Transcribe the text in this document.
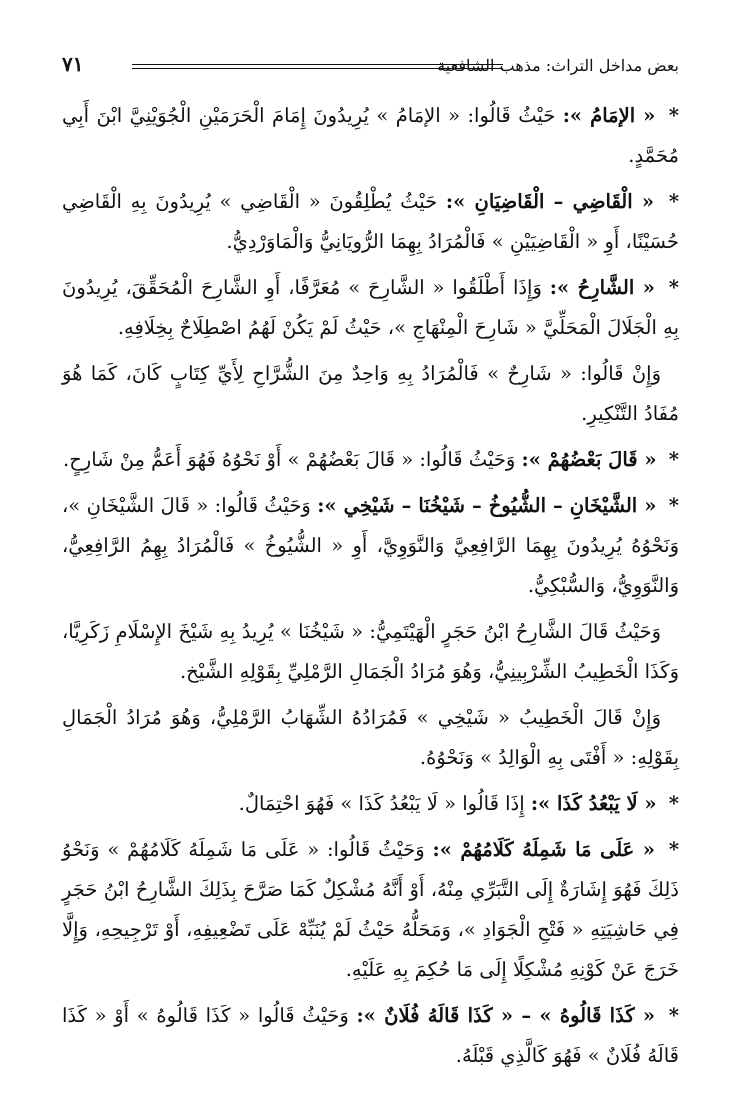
بعض مداخل التراث: مذهب الشافعية
٧١

* « الإمَامُ »: حَيْثُ قَالُوا: « الإمَامُ » يُرِيدُونَ إِمَامَ الْحَرَمَيْنِ الْجُوَيْنِيَّ ابْنَ أَبِي مُحَمَّدٍ.

* « الْقَاضِي – الْقَاضِيَانِ »: حَيْثُ يُطْلِقُونَ « الْقَاضِي » يُرِيدُونَ بِهِ الْقَاضِي حُسَيْنًا، أَوِ « الْقَاضِيَيْنِ » فَالْمُرَادُ بِهِمَا الرُّويَانِيُّ وَالْمَاوَرْدِيُّ.

* « الشَّارِحُ »: وَإِذَا أَطْلَقُوا « الشَّارِحَ » مُعَرَّفًا، أَوِ الشَّارِحَ الْمُحَقِّقَ، يُرِيدُونَ بِهِ الْجَلَالَ الْمَحَلِّيَّ « شَارِحَ الْمِنْهَاجِ »، حَيْثُ لَمْ يَكُنْ لَهُمُ اصْطِلَاحٌ بِخِلَافِهِ.

وَإِنْ قَالُوا: « شَارِحٌ » فَالْمُرَادُ بِهِ وَاحِدٌ مِنَ الشُّرَّاحِ لِأَيِّ كِتَابٍ كَانَ، كَمَا هُوَ مُفَادُ التَّنْكِيرِ.

* « قَالَ بَعْضُهُمْ »: وَحَيْثُ قَالُوا: « قَالَ بَعْضُهُمْ » أَوْ نَحْوُهُ فَهُوَ أَعَمُّ مِنْ شَارِحٍ.

* « الشَّيْخَانِ – الشُّيُوخُ – شَيْخُنَا – شَيْخِي »: وَحَيْثُ قَالُوا: « قَالَ الشَّيْخَانِ »، وَنَحْوُهُ يُرِيدُونَ بِهِمَا الرَّافِعِيَّ وَالنَّوَوِيَّ، أَوِ « الشُّيُوخُ » فَالْمُرَادُ بِهِمُ الرَّافِعِيُّ، وَالنَّوَوِيُّ، وَالسُّبْكِيُّ.

وَحَيْثُ قَالَ الشَّارِحُ ابْنُ حَجَرٍ الْهَيْتَمِيُّ: « شَيْخُنَا » يُرِيدُ بِهِ شَيْخَ الإِسْلَامِ زَكَرِيَّا، وَكَذَا الْخَطِيبُ الشِّرْبِينِيُّ، وَهُوَ مُرَادُ الْجَمَالِ الرَّمْلِيِّ بِقَوْلِهِ الشَّيْخ.

وَإِنْ قَالَ الْخَطِيبُ « شَيْخِي » فَمُرَادُهُ الشِّهَابُ الرَّمْلِيُّ، وَهُوَ مُرَادُ الْجَمَالِ بِقَوْلِهِ: « أَفْتَى بِهِ الْوَالِدُ » وَنَحْوُهُ.

* « لَا يَبْعُدُ كَذَا »: إِذَا قَالُوا « لَا يَبْعُدُ كَذَا » فَهُوَ احْتِمَالٌ.

* « عَلَى مَا شَمِلَهُ كَلَامُهُمْ »: وَحَيْثُ قَالُوا: « عَلَى مَا شَمِلَهُ كَلَامُهُمْ » وَنَحْوُ ذَلِكَ فَهُوَ إِشَارَةٌ إِلَى التَّبَرِّي مِنْهُ، أَوْ أَنَّهُ مُشْكِلٌ كَمَا صَرَّحَ بِذَلِكَ الشَّارِحُ ابْنُ حَجَرٍ فِي حَاشِيَتِهِ « فَتْحِ الْجَوَادِ »، وَمَحَلُّهُ حَيْثُ لَمْ يُنَبِّهْ عَلَى تَضْعِيفِهِ، أَوْ تَرْجِيحِهِ، وَإِلَّا خَرَجَ عَنْ كَوْنِهِ مُشْكِلًا إِلَى مَا حُكِمَ بِهِ عَلَيْهِ.

* « كَذَا قَالُوهُ » – « كَذَا قَالَهُ فُلَانٌ »: وَحَيْثُ قَالُوا « كَذَا قَالُوهُ » أَوْ « كَذَا قَالَهُ فُلَانٌ » فَهُوَ كَالَّذِي قَبْلَهُ.
